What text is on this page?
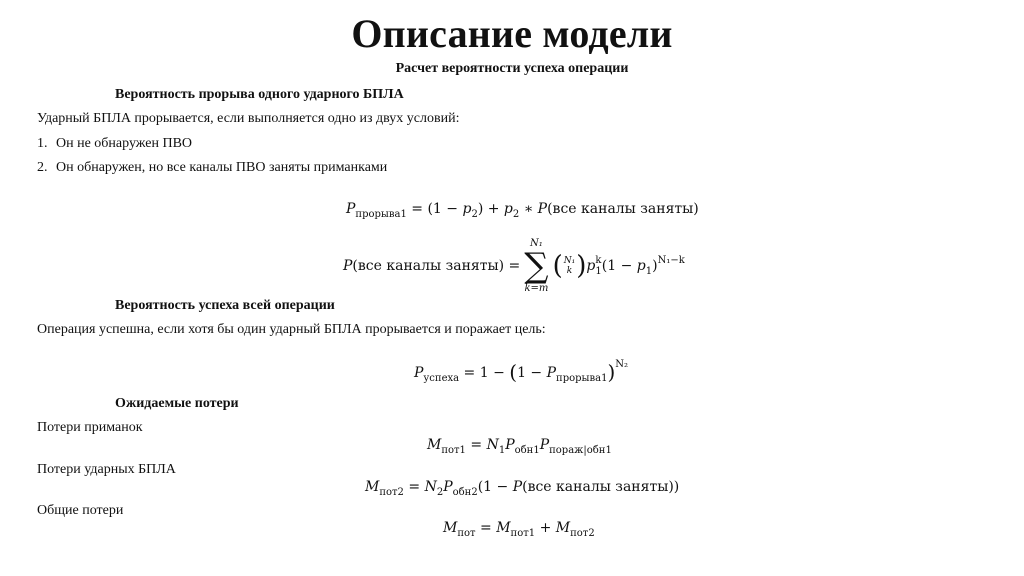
Описание модели
Расчет вероятности успеха операции
Вероятность прорыва одного ударного БПЛА
Ударный БПЛА прорывается, если выполняется одно из двух условий:
1. Он не обнаружен ПВО
2. Он обнаружен, но все каналы ПВО заняты приманками
$P_{прорыва1} = (1 - p_2) + p_2$ ∗ P(все каналы заняты)
P (все каналы заняты) =
N₁
∑
k=m
( N₁
k ) $p^k_1(1 - p_1)^{N_1-k}$
Вероятность успеха всей операции
Операция успешна, если хотя бы один ударный БПЛА прорывается и поражает цель:
$P_{успеха} = 1 - (1 - P_{прорыва1})^{N_2}$
Ожидаемые потери
Потери приманок
$M_{пот1} = N_1P_{обн1}P_{пораж|обн1}$
Потери ударных БПЛА
$M_{пот2} = N_2P_{обн2}(1 - P(все$ каналы заняты))
Общие потери
$M_{пот} = M_{пот1} + M_{пот2}$
